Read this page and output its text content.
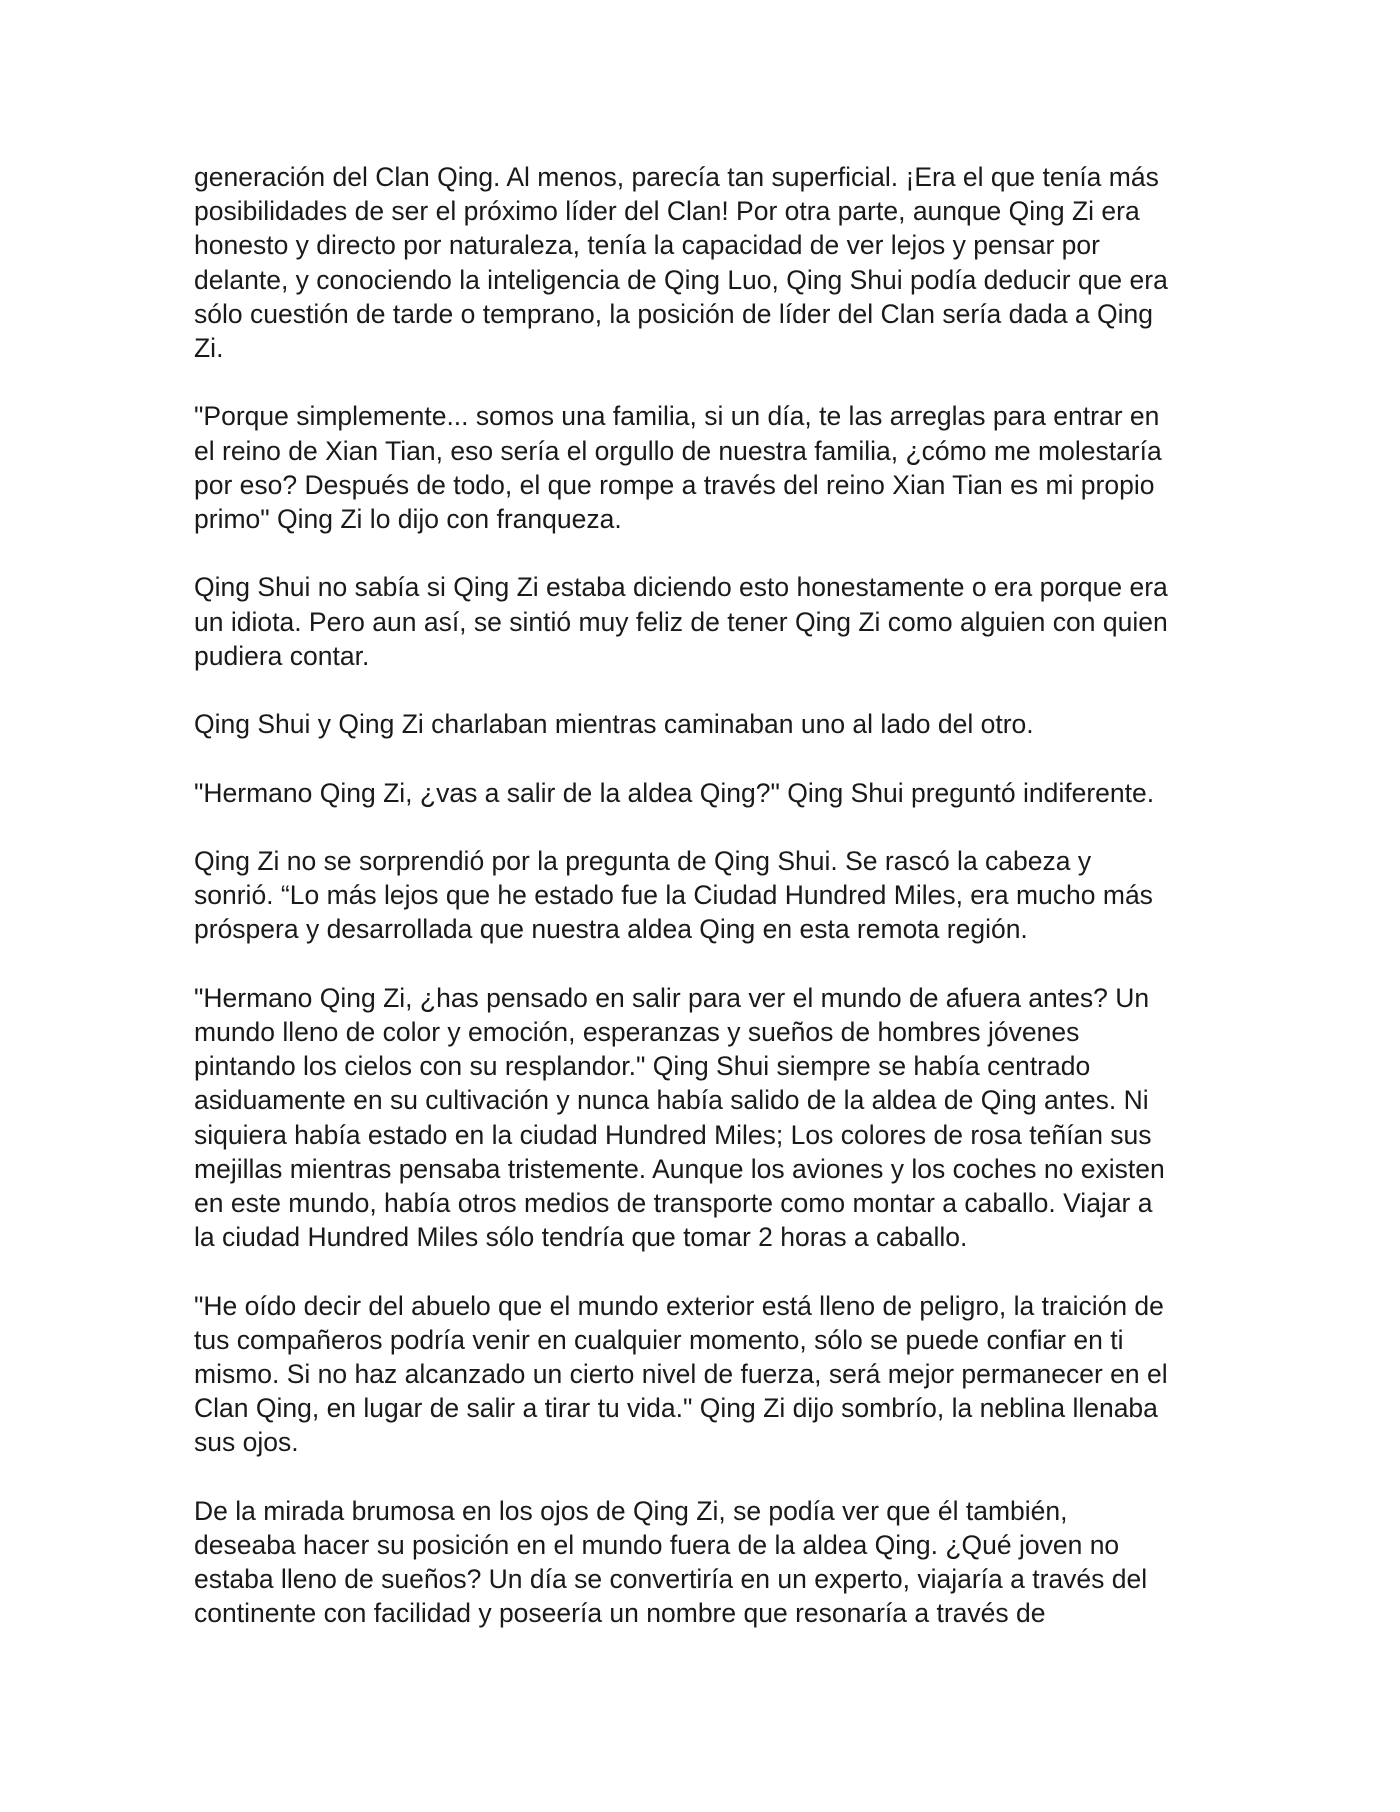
generación del Clan Qing. Al menos, parecía tan superficial. ¡Era el que tenía más
posibilidades de ser el próximo líder del Clan! Por otra parte, aunque Qing Zi era
honesto y directo por naturaleza, tenía la capacidad de ver lejos y pensar por
delante, y conociendo la inteligencia de Qing Luo, Qing Shui podía deducir que era
sólo cuestión de tarde o temprano, la posición de líder del Clan sería dada a Qing
Zi.

"Porque simplemente... somos una familia, si un día, te las arreglas para entrar en
el reino de Xian Tian, eso sería el orgullo de nuestra familia, ¿cómo me molestaría
por eso? Después de todo, el que rompe a través del reino Xian Tian es mi propio
primo" Qing Zi lo dijo con franqueza.

Qing Shui no sabía si Qing Zi estaba diciendo esto honestamente o era porque era
un idiota. Pero aun así, se sintió muy feliz de tener Qing Zi como alguien con quien
pudiera contar.

Qing Shui y Qing Zi charlaban mientras caminaban uno al lado del otro.

"Hermano Qing Zi, ¿vas a salir de la aldea Qing?" Qing Shui preguntó indiferente.

Qing Zi no se sorprendió por la pregunta de Qing Shui. Se rascó la cabeza y
sonrió. “Lo más lejos que he estado fue la Ciudad Hundred Miles, era mucho más
próspera y desarrollada que nuestra aldea Qing en esta remota región.

"Hermano Qing Zi, ¿has pensado en salir para ver el mundo de afuera antes? Un
mundo lleno de color y emoción, esperanzas y sueños de hombres jóvenes
pintando los cielos con su resplandor." Qing Shui siempre se había centrado
asiduamente en su cultivación y nunca había salido de la aldea de Qing antes. Ni
siquiera había estado en la ciudad Hundred Miles; Los colores de rosa teñían sus
mejillas mientras pensaba tristemente. Aunque los aviones y los coches no existen
en este mundo, había otros medios de transporte como montar a caballo. Viajar a
la ciudad Hundred Miles sólo tendría que tomar 2 horas a caballo.

"He oído decir del abuelo que el mundo exterior está lleno de peligro, la traición de
tus compañeros podría venir en cualquier momento, sólo se puede confiar en ti
mismo. Si no haz alcanzado un cierto nivel de fuerza, será mejor permanecer en el
Clan Qing, en lugar de salir a tirar tu vida." Qing Zi dijo sombrío, la neblina llenaba
sus ojos.

De la mirada brumosa en los ojos de Qing Zi, se podía ver que él también,
deseaba hacer su posición en el mundo fuera de la aldea Qing. ¿Qué joven no
estaba lleno de sueños? Un día se convertiría en un experto, viajaría a través del
continente con facilidad y poseería un nombre que resonaría a través de
